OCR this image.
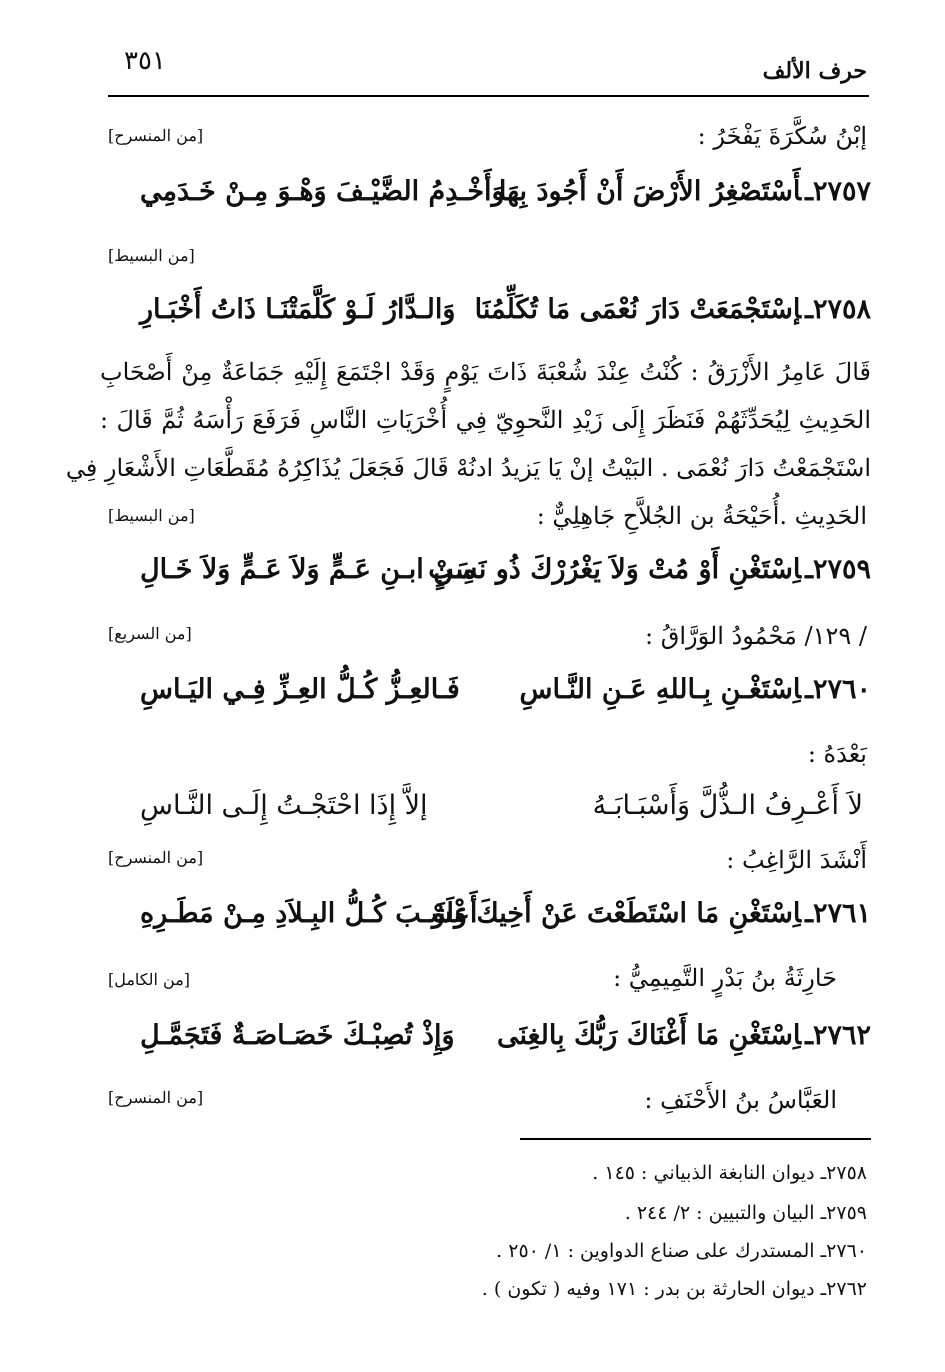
حرف الألف
٣٥١
إبْنُ سُكَّرَةَ يَفْخَرُ :
[من المنسرح]
٢٧٥٧ـأَسْتَصْغِرُ الأَرْضَ أَنْ أَجُودَ بِهَا
وَأَخْـدِمُ الضَّيْـفَ وَهْـوَ مِـنْ خَـدَمِي
[من البسيط]
٢٧٥٨ـإسْتَجْمَعَتْ دَارَ نُعْمَى مَا تُكَلِّمُنَا
وَالـدَّارُ لَـوْ كَلَّمَتْنَـا ذَاتُ أَخْبَـارِ
قَالَ عَامِرُ الأَزْرَقُ : كُنْتُ عِنْدَ شُعْبَةَ ذَاتَ يَوْمٍ وَقَدْ اجْتَمَعَ إِلَيْهِ جَمَاعَةٌ مِنْ أَصْحَابِ
الحَدِيثِ لِيُحَدِّثَهُمْ فَنَظَرَ إِلَى زَيْدِ النَّحوِيّ فِي أُخْرَيَاتِ النَّاسِ فَرَفَعَ رَأْسَهُ ثُمَّ قَالَ :
اسْتَجْمَعْتُ دَارَ نُعْمَى . البَيْتُ إنْ يَا يَزيدُ ادنُهْ قَالَ فَجَعَلَ يُذَاكِرُهُ مُقَطَّعَاتِ الأَشْعَارِ فِي
الحَدِيثِ .أُحَيْحَةُ بن الجُلاَّحِ جَاهِلِيٌّ :
[من البسيط]
٢٧٥٩ـاِسْتَغْنِ أَوْ مُتْ وَلاَ يَغْرُرْكَ ذُو نَسَبٍ
مِـنْ ابـنِ عَـمٍّ وَلاَ عَـمٍّ وَلاَ خَـالِ
/ ١٢٩/ مَحْمُودُ الوَرَّاقُ :
[من السريع]
٢٧٦٠ـاِسْتَغْـنِ بِـاللهِ عَـنِ النَّـاسِ
فَـالعِـزُّ كُـلُّ العِـزِّ فِـي اليَـاسِ
بَعْدَهُ :
لاَ أَعْـرِفُ الـذُّلَّ وَأَسْبَـابَـهُ
إلاَّ إِذَا احْتَجْـتُ إِلَـى النَّـاسِ
أَنْشَدَ الرَّاغِبُ :
[من المنسرح]
٢٧٦١ـاِسْتَغْنِ مَا اسْتَطَعْتَ عَنْ أَخِيكَ وَلَوْ
أَعْشَـبَ كُـلُّ البِـلاَدِ مِـنْ مَطَـرِهِ
حَارِثَةُ بنُ بَدْرٍ التَّمِيمِيُّ :
[من الكامل]
٢٧٦٢ـاِسْتَغْنِ مَا أَغْنَاكَ رَبُّكَ بِالغِنَى
وَإِذْ تُصِبْـكَ خَصَـاصَـةٌ فَتَجَمَّـلِ
العَبَّاسُ بنُ الأَحْنَفِ :
[من المنسرح]
٢٧٥٨ـ ديوان النابغة الذبياني : ١٤٥ .
٢٧٥٩ـ البيان والتبيين : ٢/ ٢٤٤ .
٢٧٦٠ـ المستدرك على صناع الدواوين : ١/ ٢٥٠ .
٢٧٦٢ـ ديوان الحارثة بن بدر : ١٧١ وفيه ( تكون ) .
